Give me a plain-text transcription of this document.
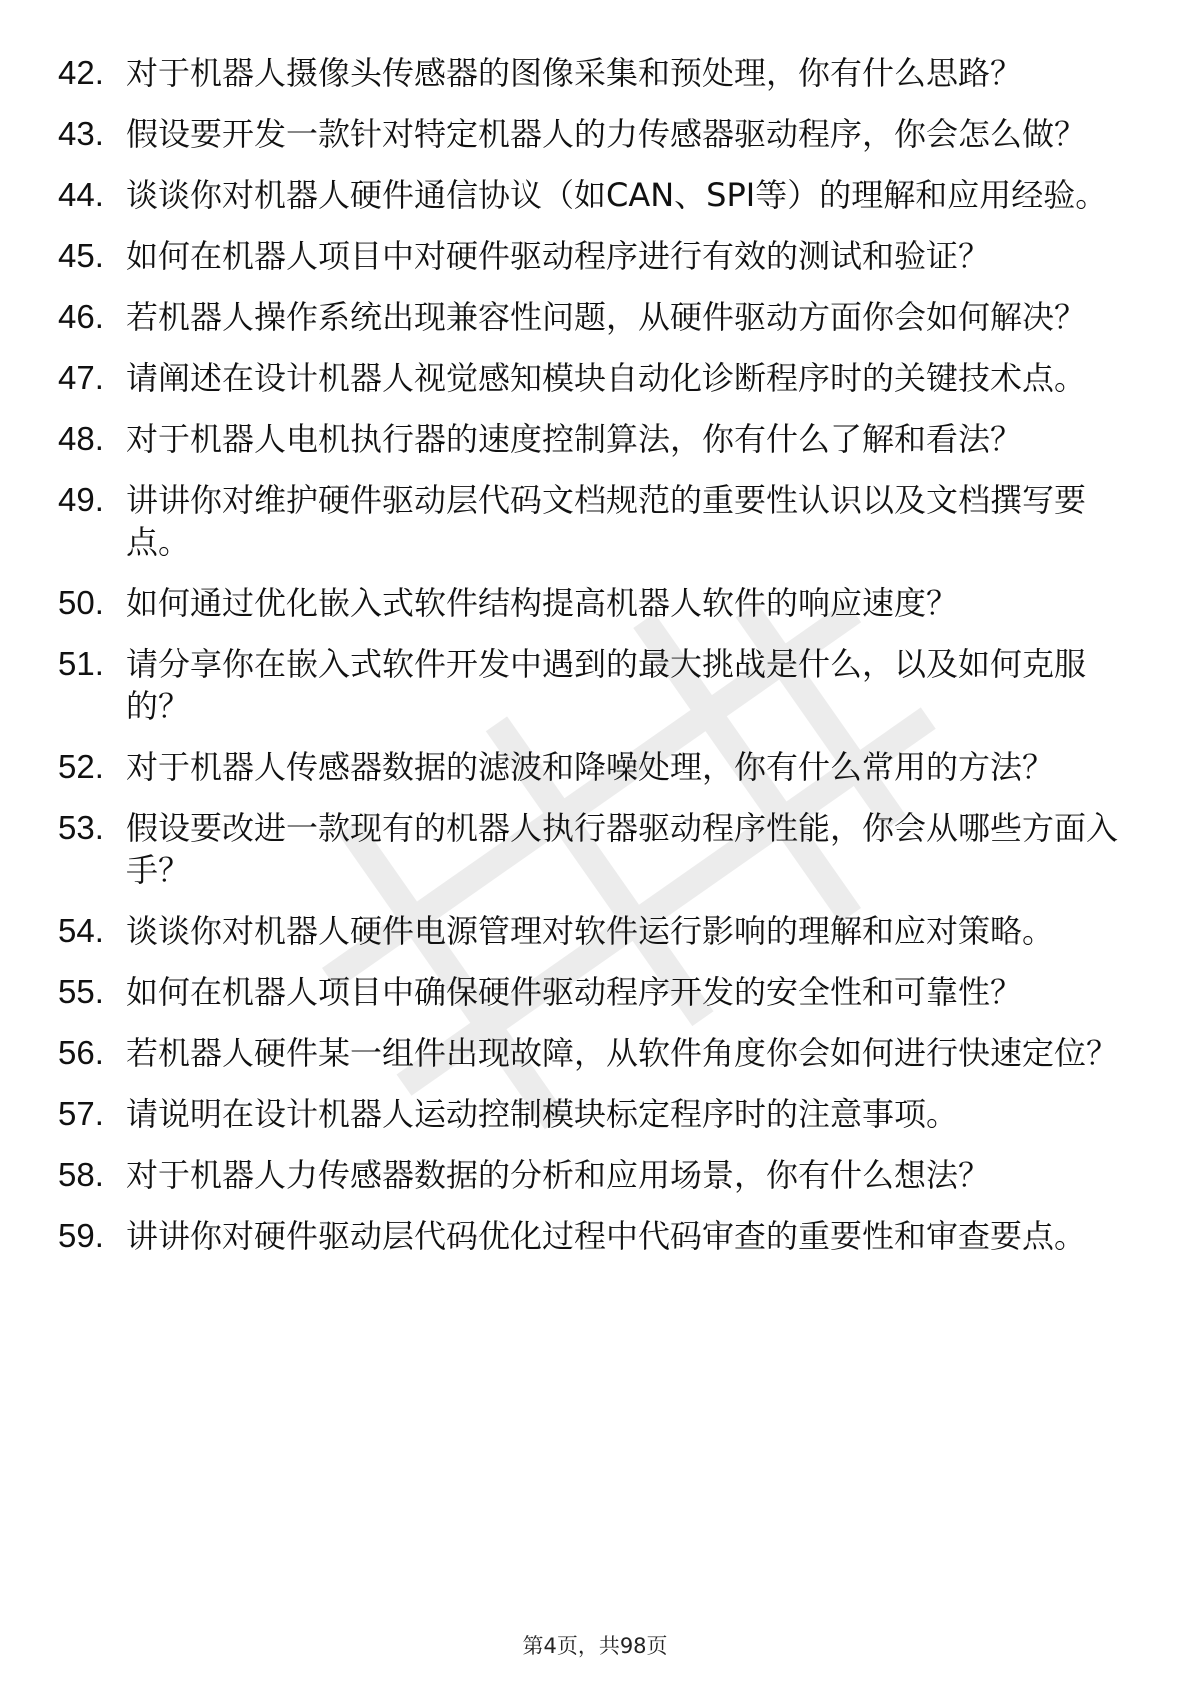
42. 对于机器人摄像头传感器的图像采集和预处理，你有什么思路？
43. 假设要开发一款针对特定机器人的力传感器驱动程序，你会怎么做？
44. 谈谈你对机器人硬件通信协议（如CAN、SPI等）的理解和应用经验。
45. 如何在机器人项目中对硬件驱动程序进行有效的测试和验证？
46. 若机器人操作系统出现兼容性问题，从硬件驱动方面你会如何解决？
47. 请阐述在设计机器人视觉感知模块自动化诊断程序时的关键技术点。
48. 对于机器人电机执行器的速度控制算法，你有什么了解和看法？
49. 讲讲你对维护硬件驱动层代码文档规范的重要性认识以及文档撰写要点。
50. 如何通过优化嵌入式软件结构提高机器人软件的响应速度？
51. 请分享你在嵌入式软件开发中遇到的最大挑战是什么，以及如何克服的？
52. 对于机器人传感器数据的滤波和降噪处理，你有什么常用的方法？
53. 假设要改进一款现有的机器人执行器驱动程序性能，你会从哪些方面入手？
54. 谈谈你对机器人硬件电源管理对软件运行影响的理解和应对策略。
55. 如何在机器人项目中确保硬件驱动程序开发的安全性和可靠性？
56. 若机器人硬件某一组件出现故障，从软件角度你会如何进行快速定位？
57. 请说明在设计机器人运动控制模块标定程序时的注意事项。
58. 对于机器人力传感器数据的分析和应用场景，你有什么想法？
59. 讲讲你对硬件驱动层代码优化过程中代码审查的重要性和审查要点。
第4页，共98页
